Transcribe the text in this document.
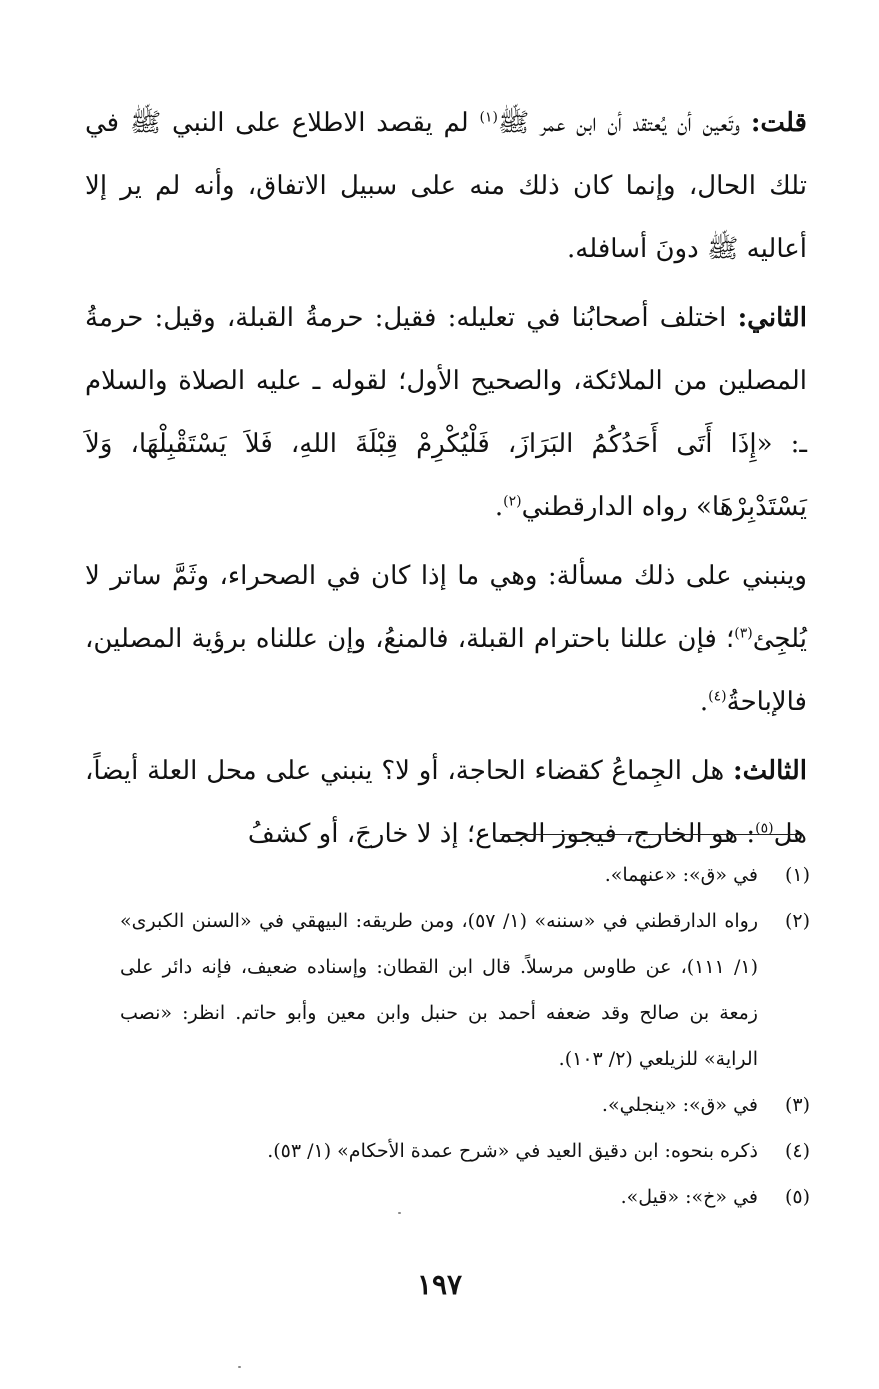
قلت: وتَعين أن يُعتقد أن ابن عمر ﷺ$^{(١)}$ لم يقصد الاطلاع على النبي ﷺ في تلك الحال، وإنما كان ذلك منه على سبيل الاتفاق، وأنه لم ير إلا أعاليه ﷺ دونَ أسافله.

الثاني: اختلف أصحابُنا في تعليله: فقيل: حرمةُ القبلة، وقيل: حرمةُ المصلين من الملائكة، والصحيح الأول؛ لقوله ـ عليه الصلاة والسلام ـ: «إِذَا أَتَى أَحَدُكُمُ البَرَازَ، فَلْيُكْرِمْ قِبْلَةَ اللهِ، فَلاَ يَسْتَقْبِلْهَا، وَلاَ يَسْتَدْبِرْهَا» رواه الدارقطني$^{(٢)}$.

وينبني على ذلك مسألة: وهي ما إذا كان في الصحراء، وثَمَّ ساتر لا يُلجِئ$^{(٣)}$؛ فإن عللنا باحترام القبلة، فالمنعُ، وإن عللناه برؤية المصلين، فالإباحةُ$^{(٤)}$.

الثالث: هل الجِماعُ كقضاء الحاجة، أو لا؟ ينبني على محل العلة أيضاً، هل$^{(٥)}$: هو الخارج، فيجوز الجماع؛ إذ لا خارجَ، أو كشفُ

(١)
في «ق»: «عنهما».
(٢)
رواه الدارقطني في «سننه» (١/ ٥٧)، ومن طريقه: البيهقي في «السنن الكبرى» (١/ ١١١)، عن طاوس مرسلاً. قال ابن القطان: وإسناده ضعيف، فإنه دائر على زمعة بن صالح وقد ضعفه أحمد بن حنبل وابن معين وأبو حاتم. انظر: «نصب الراية» للزيلعي (٢/ ١٠٣).
(٣)
في «ق»: «ينجلي».
(٤)
ذكره بنحوه: ابن دقيق العيد في «شرح عمدة الأحكام» (١/ ٥٣).
(٥)
في «خ»: «قيل».
١٩٧
